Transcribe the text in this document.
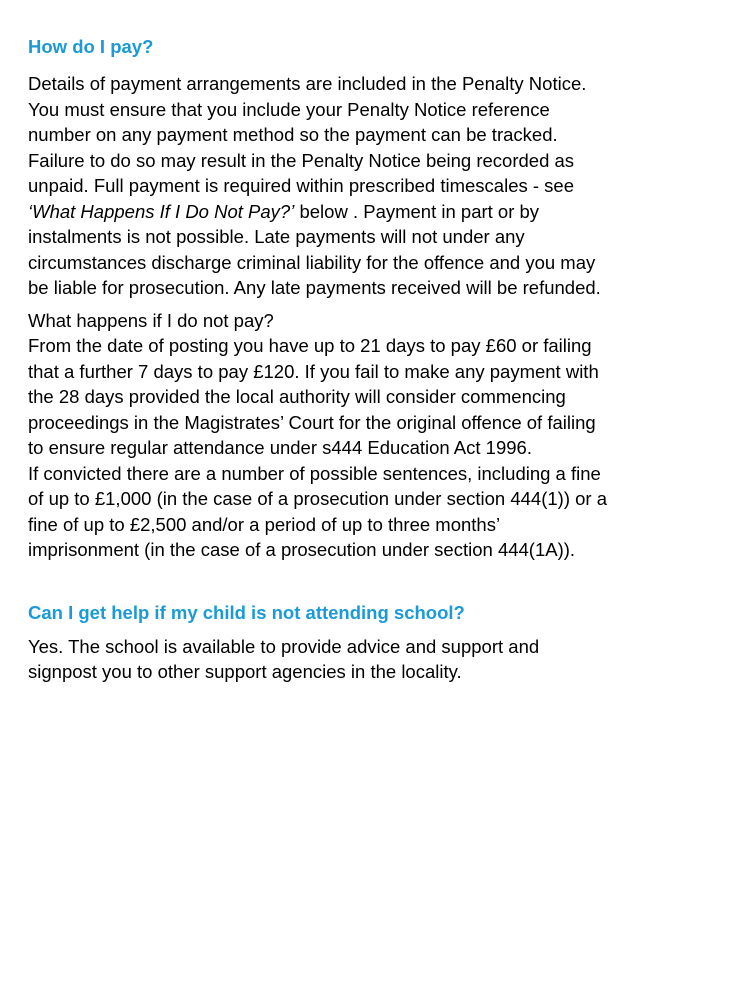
How do I pay?

Details of payment arrangements are included in the Penalty Notice.
You must ensure that you include your Penalty Notice reference
number on any payment method so the payment can be tracked.
Failure to do so may result in the Penalty Notice being recorded as
unpaid. Full payment is required within prescribed timescales - see
‘What Happens If I Do Not Pay?’ below . Payment in part or by
instalments is not possible. Late payments will not under any
circumstances discharge criminal liability for the offence and you may
be liable for prosecution. Any late payments received will be refunded.

What happens if I do not pay?
From the date of posting you have up to 21 days to pay £60 or failing
that a further 7 days to pay £120. If you fail to make any payment with
the 28 days provided the local authority will consider commencing
proceedings in the Magistrates’ Court for the original offence of failing
to ensure regular attendance under s444 Education Act 1996.
If convicted there are a number of possible sentences, including a fine
of up to £1,000 (in the case of a prosecution under section 444(1)) or a
fine of up to £2,500 and/or a period of up to three months’
imprisonment (in the case of a prosecution under section 444(1A)).

Can I get help if my child is not attending school?

Yes. The school is available to provide advice and support and
signpost you to other support agencies in the locality.
